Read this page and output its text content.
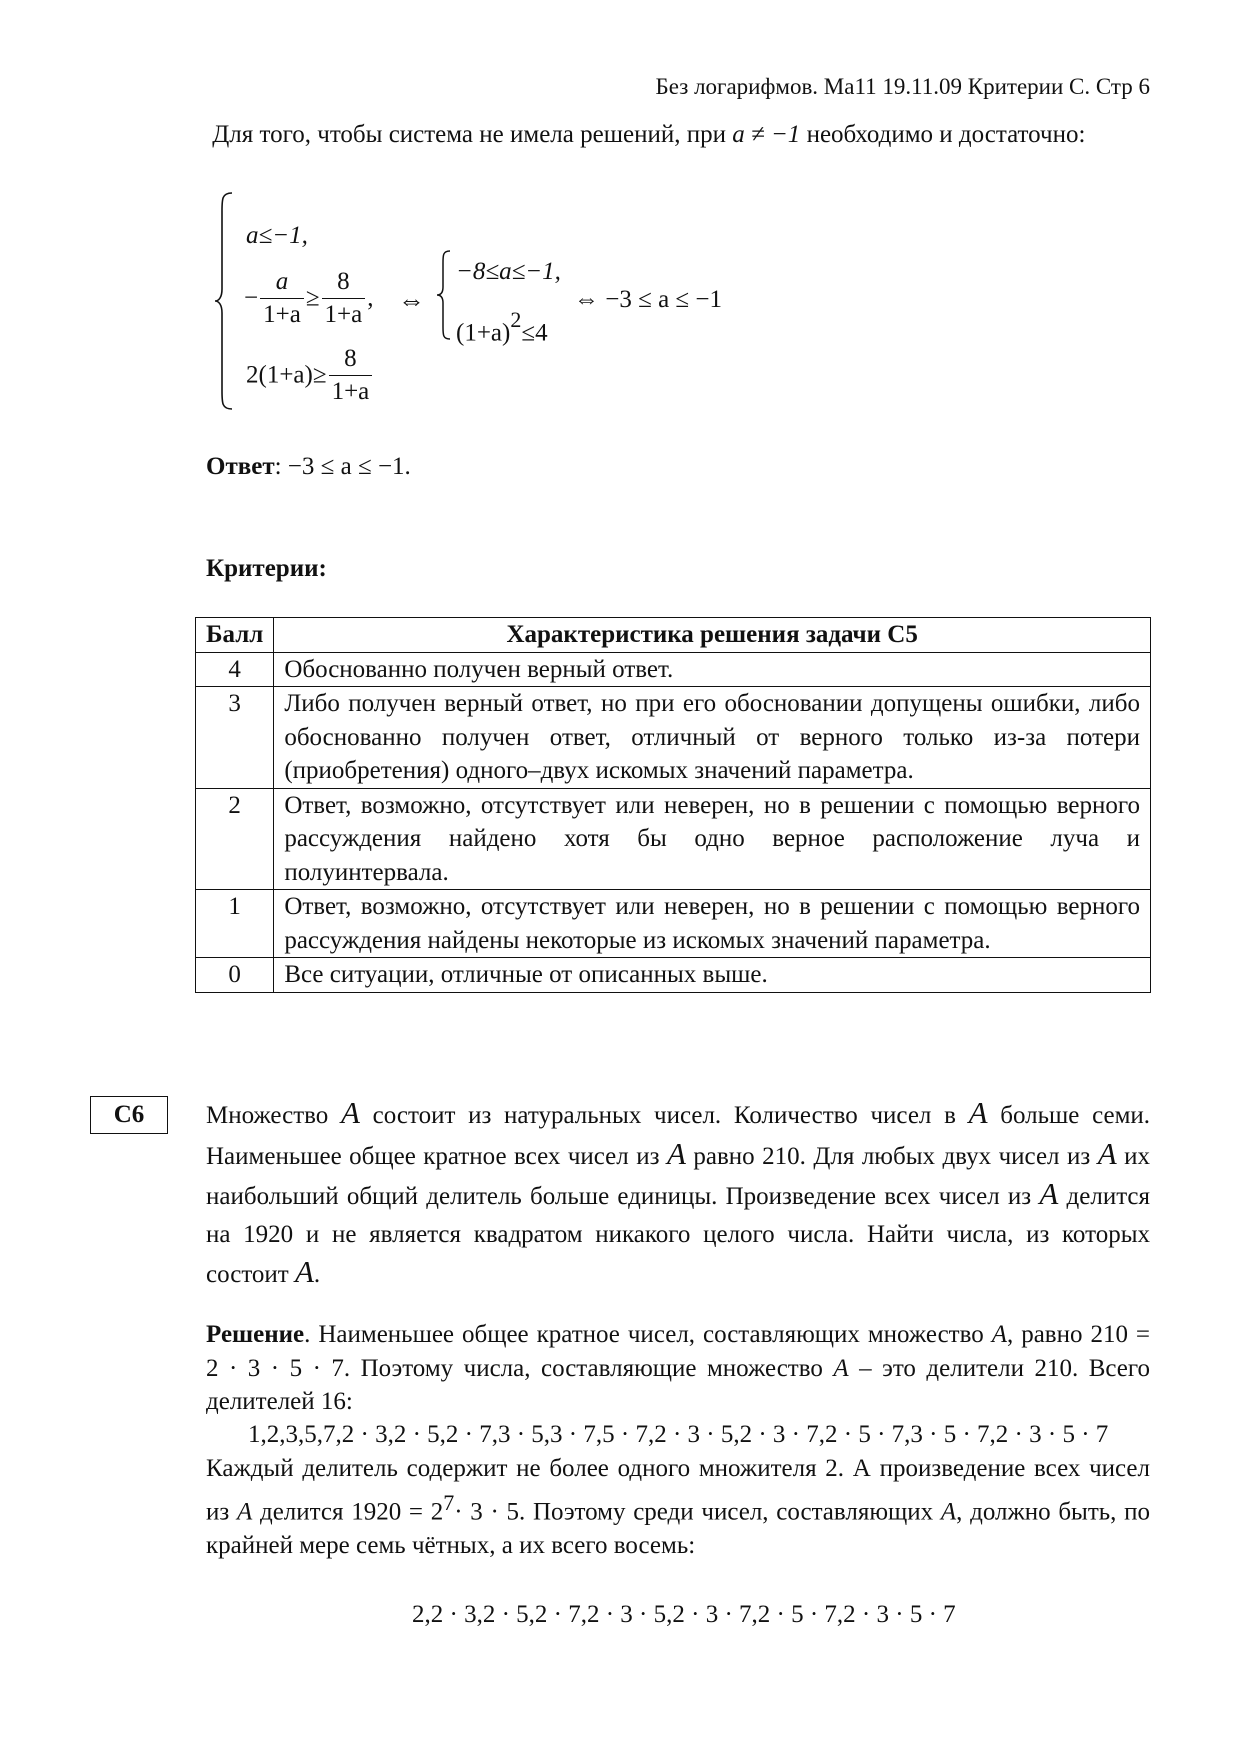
Без логарифмов. Ма11 19.11.09 Критерии С. Стр 6
Для того, чтобы система не имела решений, при a ≠ −1 необходимо и достаточно:
a≤−1,
− $\frac{a}{1+a} \ge \frac{8}{1+a}$ ,
$2(1+a)\ge \frac{8}{1+a}$
⇔
−8≤a≤−1,
$(1+a)^2\le 4$
⇔ −3 ≤ a ≤ −1
Ответ: −3 ≤ a ≤ −1.
Критерии:
Балл	Характеристика решения задачи С5
4	Обоснованно получен верный ответ.
3	Либо получен верный ответ, но при его обосновании допущены ошибки, либо обоснованно получен ответ, отличный от верного только из-за потери (приобретения) одного–двух искомых значений параметра.
2	Ответ, возможно, отсутствует или неверен, но в решении с помощью верного рассуждения найдено хотя бы одно верное расположение луча и полуинтервала.
1	Ответ, возможно, отсутствует или неверен, но в решении с помощью верного рассуждения найдены некоторые из искомых значений параметра.
0	Все ситуации, отличные от описанных выше.
С6	Множество A состоит из натуральных чисел. Количество чисел в A больше семи. Наименьшее общее кратное всех чисел из A равно 210. Для любых двух чисел из A их наибольший общий делитель больше единицы. Произведение всех чисел из A делится на 1920 и не является квадратом никакого целого числа. Найти числа, из которых состоит A.
Решение. Наименьшее общее кратное чисел, составляющих множество A, равно 210 = 2 · 3 · 5 · 7. Поэтому числа, составляющие множество A – это делители 210. Всего делителей 16:
1,2,3,5,7,2 · 3,2 · 5,2 · 7,3 · 5,3 · 7,5 · 7,2 · 3 · 5,2 · 3 · 7,2 · 5 · 7,3 · 5 · 7,2 · 3 · 5 · 7
Каждый делитель содержит не более одного множителя 2. А произведение всех чисел из A делится $1920 = 2^7\cdot 3 \cdot 5$. Поэтому среди чисел, составляющих A, должно быть, по крайней мере семь чётных, а их всего восемь:
2,2 · 3,2 · 5,2 · 7,2 · 3 · 5,2 · 3 · 7,2 · 5 · 7,2 · 3 · 5 · 7
